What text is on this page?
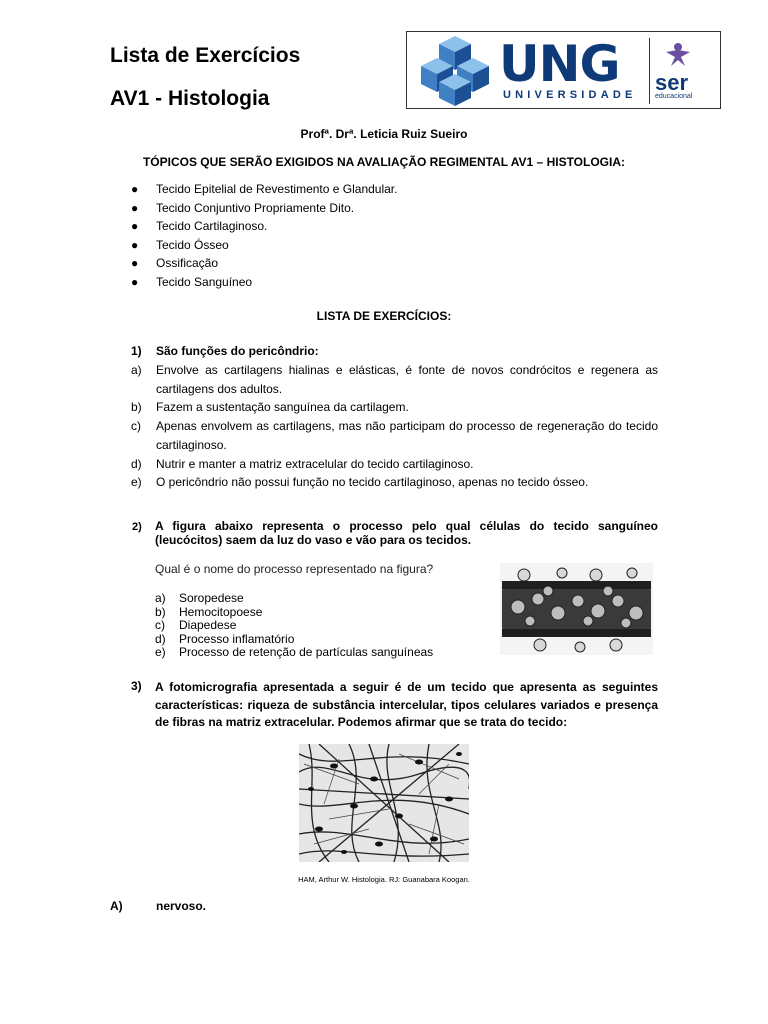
Lista de Exercícios
AV1 - Histologia
UNG
UNIVERSIDADE ser
educacional
Profª. Drª. Leticia Ruiz Sueiro
TÓPICOS QUE SERÃO EXIGIDOS NA AVALIAÇÃO REGIMENTAL AV1 – HISTOLOGIA:
●	Tecido Epitelial de Revestimento e Glandular.
●	Tecido Conjuntivo Propriamente Dito.
●	Tecido Cartilaginoso.
●	Tecido Ósseo
●	Ossificação
●	Tecido Sanguíneo
LISTA DE EXERCÍCIOS:
1) São funções do pericôndrio:
a)	Envolve as cartilagens hialinas e elásticas, é fonte de novos condrócitos e regenera as cartilagens dos adultos.
b)	Fazem a sustentação sanguínea da cartilagem.
c)	Apenas envolvem as cartilagens, mas não participam do processo de regeneração do tecido cartilaginoso.
d)	Nutrir e manter a matriz extracelular do tecido cartilaginoso.
e)	O pericôndrio não possui função no tecido cartilaginoso, apenas no tecido ósseo.
2) A figura abaixo representa o processo pelo qual células do tecido sanguíneo (leucócitos) saem da luz do vaso e vão para os tecidos.
Qual é o nome do processo representado na figura?
a)	Soropedese
b)	Hemocitopoese
c)	Diapedese
d)	Processo inflamatório
e)	Processo de retenção de partículas sanguíneas
3) A fotomicrografia apresentada a seguir é de um tecido que apresenta as seguintes características: riqueza de substância intercelular, tipos celulares variados e presença de fibras na matriz extracelular. Podemos afirmar que se trata do tecido:
HAM, Arthur W. Histologia. RJ: Guanabara Koogan.
A)	nervoso.
